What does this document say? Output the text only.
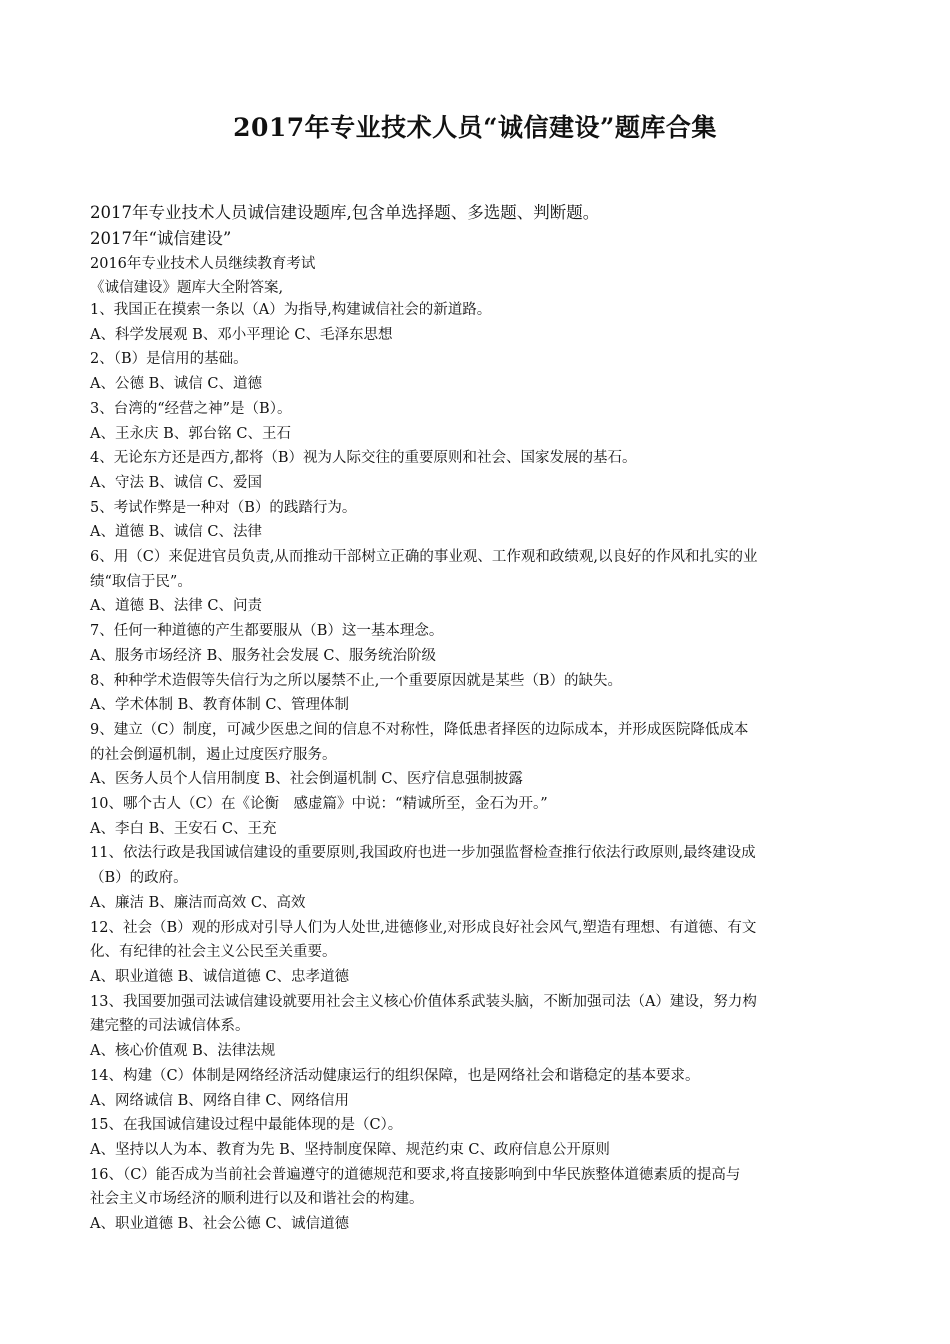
2017年专业技术人员“诚信建设”题库合集
2017年专业技术人员诚信建设题库,包含单选择题、多选题、判断题。
2017年“诚信建设”
2016年专业技术人员继续教育考试
《诚信建设》题库大全附答案,
1、我国正在摸索一条以（A）为指导,构建诚信社会的新道路。
A、科学发展观 B、邓小平理论 C、毛泽东思想
2、（B）是信用的基础。
A、公德 B、诚信 C、道德
3、台湾的“经营之神”是（B）。
A、王永庆 B、郭台铭 C、王石
4、无论东方还是西方,都将（B）视为人际交往的重要原则和社会、国家发展的基石。
A、守法 B、诚信 C、爱国
5、考试作弊是一种对（B）的践踏行为。
A、道德 B、诚信 C、法律
6、用（C）来促进官员负责,从而推动干部树立正确的事业观、工作观和政绩观,以良好的作风和扎实的业
绩“取信于民”。
A、道德 B、法律 C、问责
7、任何一种道德的产生都要服从（B）这一基本理念。
A、服务市场经济 B、服务社会发展 C、服务统治阶级
8、种种学术造假等失信行为之所以屡禁不止,一个重要原因就是某些（B）的缺失。
A、学术体制 B、教育体制 C、管理体制
9、建立（C）制度，可减少医患之间的信息不对称性，降低患者择医的边际成本，并形成医院降低成本
的社会倒逼机制，遏止过度医疗服务。
A、医务人员个人信用制度 B、社会倒逼机制 C、医疗信息强制披露
10、哪个古人（C）在《论衡　感虚篇》中说：“精诚所至，金石为开。”
A、李白 B、王安石 C、王充
11、依法行政是我国诚信建设的重要原则,我国政府也进一步加强监督检查推行依法行政原则,最终建设成
（B）的政府。
A、廉洁 B、廉洁而高效 C、高效
12、社会（B）观的形成对引导人们为人处世,进德修业,对形成良好社会风气,塑造有理想、有道德、有文
化、有纪律的社会主义公民至关重要。
A、职业道德 B、诚信道德 C、忠孝道德
13、我国要加强司法诚信建设就要用社会主义核心价值体系武装头脑，不断加强司法（A）建设，努力构
建完整的司法诚信体系。
A、核心价值观 B、法律法规
14、构建（C）体制是网络经济活动健康运行的组织保障，也是网络社会和谐稳定的基本要求。
A、网络诚信 B、网络自律 C、网络信用
15、在我国诚信建设过程中最能体现的是（C）。
A、坚持以人为本、教育为先 B、坚持制度保障、规范约束 C、政府信息公开原则
16、（C）能否成为当前社会普遍遵守的道德规范和要求,将直接影响到中华民族整体道德素质的提高与
社会主义市场经济的顺利进行以及和谐社会的构建。
A、职业道德 B、社会公德 C、诚信道德
